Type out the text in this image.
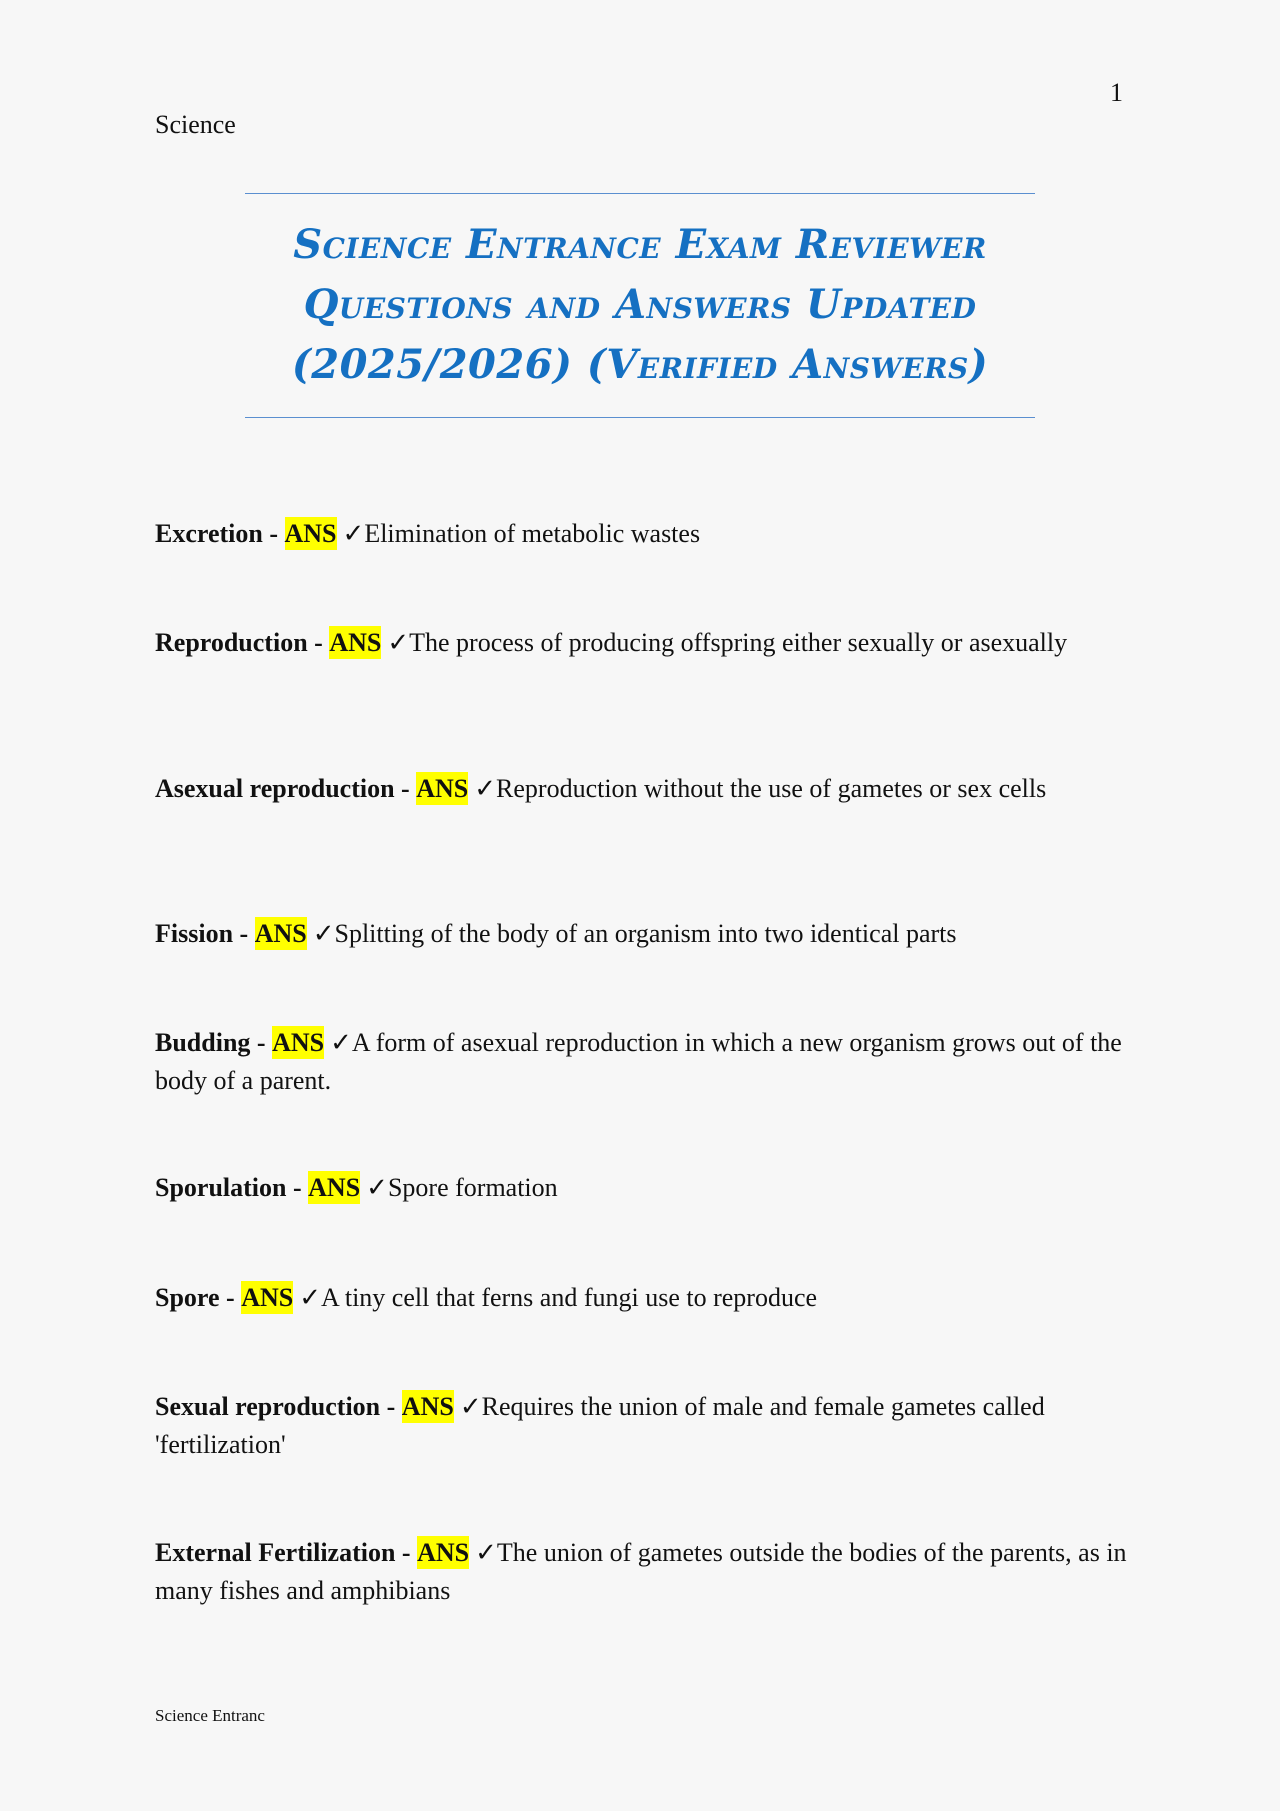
1
Science
Science Entrance Exam Reviewer
Questions and Answers Updated
(2025/2026) (Verified Answers)
Excretion - ANS ✓Elimination of metabolic wastes
Reproduction - ANS ✓The process of producing offspring either sexually or asexually
Asexual reproduction - ANS ✓Reproduction without the use of gametes or sex cells
Fission - ANS ✓Splitting of the body of an organism into two identical parts
Budding - ANS ✓A form of asexual reproduction in which a new organism grows out of the body of a parent.
Sporulation - ANS ✓Spore formation
Spore - ANS ✓A tiny cell that ferns and fungi use to reproduce
Sexual reproduction - ANS ✓Requires the union of male and female gametes called 'fertilization'
External Fertilization - ANS ✓The union of gametes outside the bodies of the parents, as in many fishes and amphibians
Science Entranc
